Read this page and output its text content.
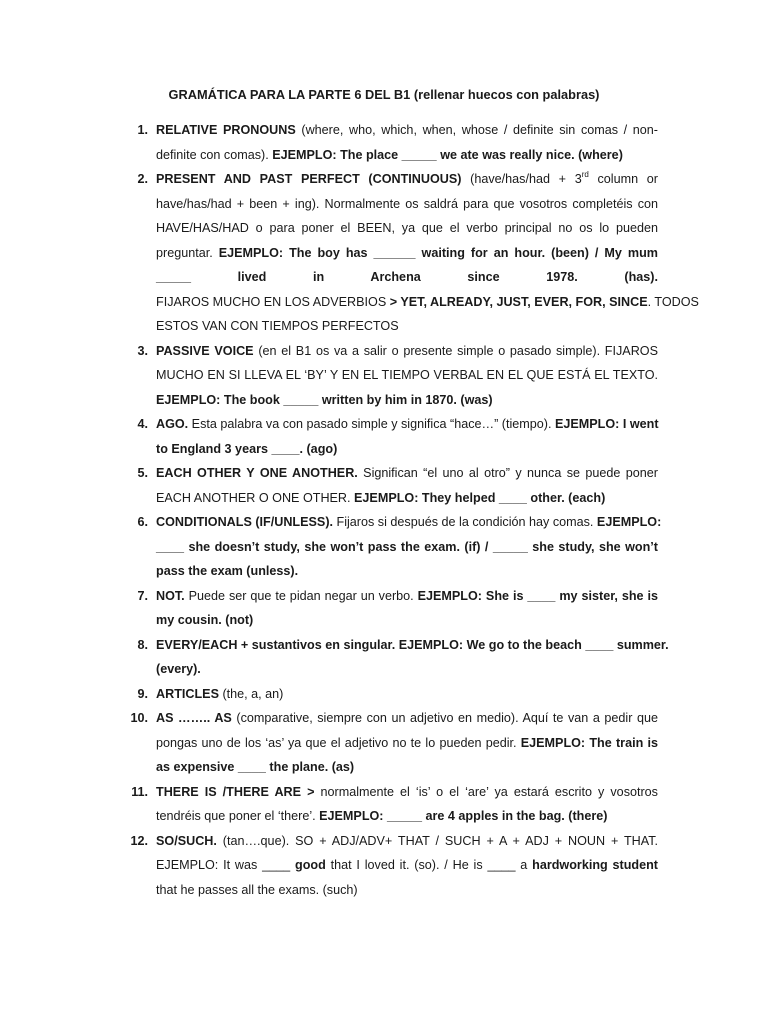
GRAMÁTICA PARA LA PARTE 6 DEL B1 (rellenar huecos con palabras)
1. RELATIVE PRONOUNS (where, who, which, when, whose / definite sin comas / non-
definite con comas). EJEMPLO: The place _____ we ate was really nice. (where)
2. PRESENT AND PAST PERFECT (CONTINUOUS) (have/has/had + 3rd column or
have/has/had + been + ing). Normalmente os saldrá para que vosotros completéis con
HAVE/HAS/HAD o para poner el BEEN, ya que el verbo principal no os lo pueden
preguntar. EJEMPLO: The boy has ______ waiting for an hour. (been) / My mum
_____ lived in Archena since 1978. (has).
FIJAROS MUCHO EN LOS ADVERBIOS > YET, ALREADY, JUST, EVER, FOR, SINCE. TODOS
ESTOS VAN CON TIEMPOS PERFECTOS
3. PASSIVE VOICE (en el B1 os va a salir o presente simple o pasado simple). FIJAROS
MUCHO EN SI LLEVA EL ‘BY’ Y EN EL TIEMPO VERBAL EN EL QUE ESTÁ EL TEXTO.
EJEMPLO: The book _____ written by him in 1870. (was)
4. AGO. Esta palabra va con pasado simple y significa “hace…” (tiempo). EJEMPLO: I went
to England 3 years ____. (ago)
5. EACH OTHER Y ONE ANOTHER. Significan “el uno al otro” y nunca se puede poner
EACH ANOTHER O ONE OTHER. EJEMPLO: They helped ____ other. (each)
6. CONDITIONALS (IF/UNLESS). Fijaros si después de la condición hay comas. EJEMPLO:
____ she doesn’t study, she won’t pass the exam. (if) / _____ she study, she won’t
pass the exam (unless).
7. NOT. Puede ser que te pidan negar un verbo. EJEMPLO: She is ____ my sister, she is
my cousin. (not)
8. EVERY/EACH + sustantivos en singular. EJEMPLO: We go to the beach ____ summer.
(every).
9. ARTICLES (the, a, an)
10. AS …….. AS (comparative, siempre con un adjetivo en medio). Aquí te van a pedir que
pongas uno de los ‘as’ ya que el adjetivo no te lo pueden pedir. EJEMPLO: The train is
as expensive ____ the plane. (as)
11. THERE IS /THERE ARE > normalmente el ‘is’ o el ‘are’ ya estará escrito y vosotros
tendréis que poner el ‘there’. EJEMPLO: _____ are 4 apples in the bag. (there)
12. SO/SUCH. (tan….que). SO + ADJ/ADV+ THAT / SUCH + A + ADJ + NOUN + THAT.
EJEMPLO: It was ____ good that I loved it. (so). / He is ____ a hardworking student
that he passes all the exams. (such)
